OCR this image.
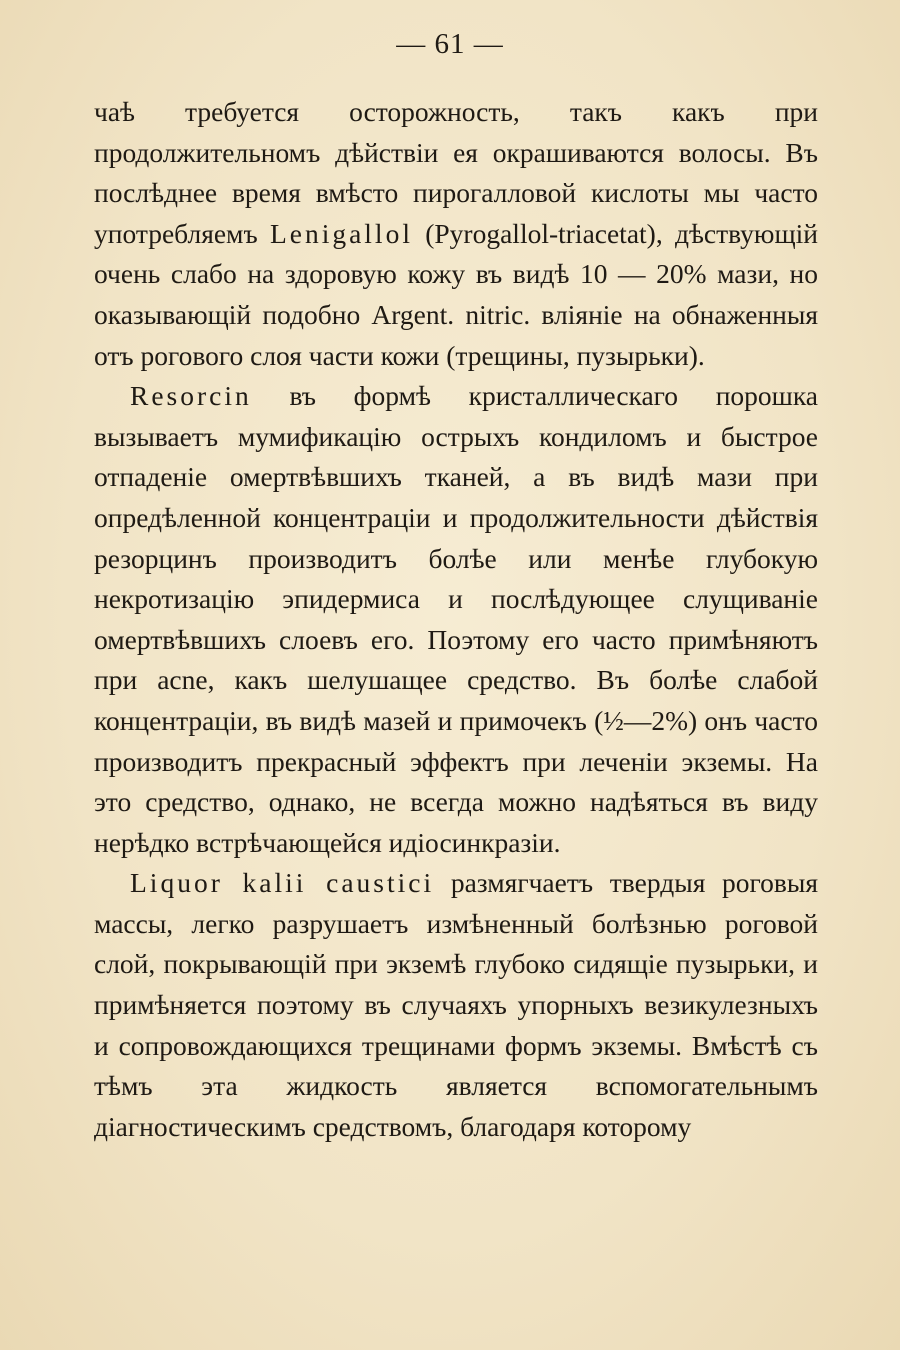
— 61 —

чаѣ требуется осторожность, такъ какъ при продолжительномъ дѣйствіи ея окрашиваются волосы. Въ послѣднее время вмѣсто пирогалловой кислоты мы часто употребляемъ Lenigallol (Pyrogallol-triacetat), дѣствующій очень слабо на здоровую кожу въ видѣ 10 — 20% мази, но оказывающій подобно Argent. nitric. вліяніе на обнаженныя отъ рогового слоя части кожи (трещины, пузырьки).

Resorcin въ формѣ кристаллическаго порошка вызываетъ мумификацію острыхъ кондиломъ и быстрое отпаденіе омертвѣвшихъ тканей, а въ видѣ мази при опредѣленной концентраціи и продолжительности дѣйствія резорцинъ производитъ болѣе или менѣе глубокую некротизацію эпидермиса и послѣдующее слущиваніе омертвѣвшихъ слоевъ его. Поэтому его часто примѣняютъ при acne, какъ шелушащее средство. Въ болѣе слабой концентраціи, въ видѣ мазей и примочекъ (½—2%) онъ часто производитъ прекрасный эффектъ при леченіи экземы. На это средство, однако, не всегда можно надѣяться въ виду нерѣдко встрѣчающейся идіосинкразіи.

Liquor kalii caustici размягчаетъ твердыя роговыя массы, легко разрушаетъ измѣненный болѣзнью роговой слой, покрывающій при экземѣ глубоко сидящіе пузырьки, и примѣняется поэтому въ случаяхъ упорныхъ везикулезныхъ и сопровождающихся трещинами формъ экземы. Вмѣстѣ съ тѣмъ эта жидкость является вспомогательнымъ діагностическимъ средствомъ, благодаря которому
